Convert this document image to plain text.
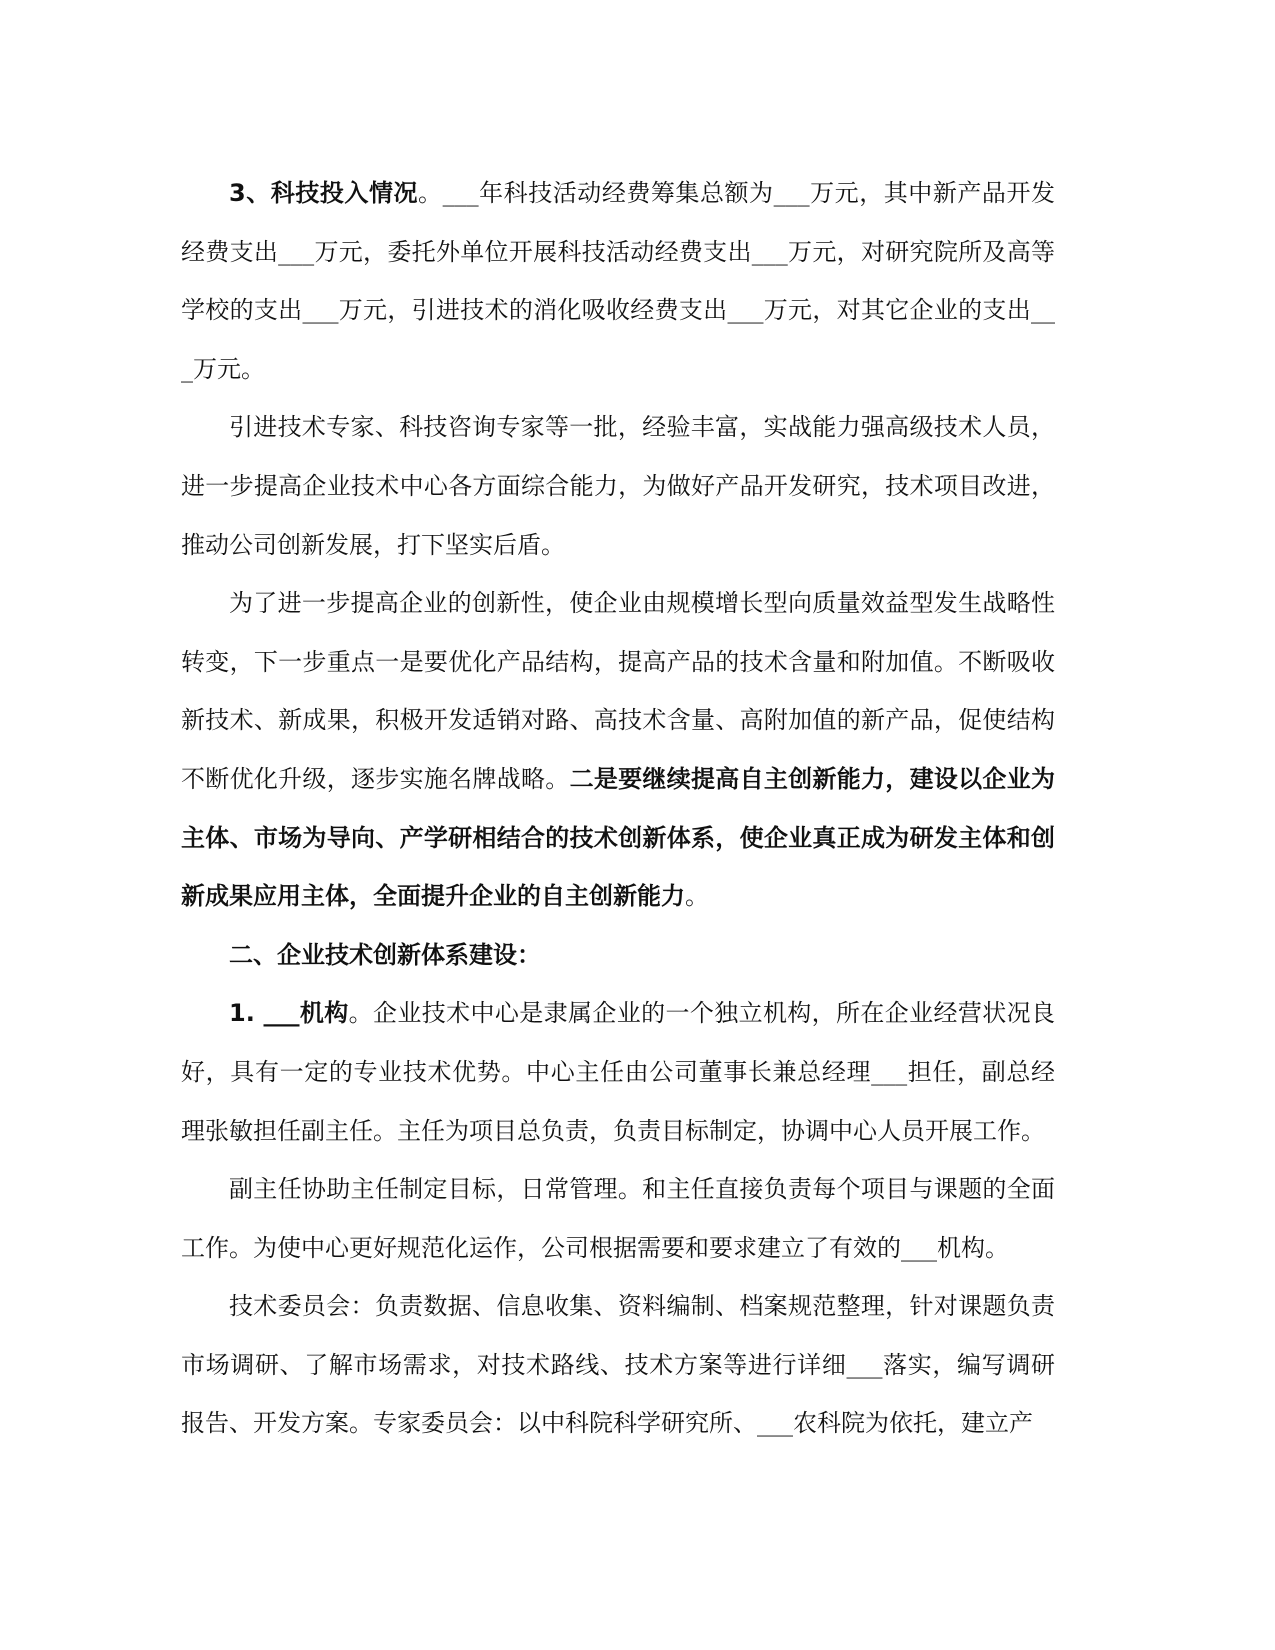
3、科技投入情况。___年科技活动经费筹集总额为___万元，其中新产品开发经费支出___万元，委托外单位开展科技活动经费支出___万元，对研究院所及高等学校的支出___万元，引进技术的消化吸收经费支出___万元，对其它企业的支出___万元。

引进技术专家、科技咨询专家等一批，经验丰富，实战能力强高级技术人员，进一步提高企业技术中心各方面综合能力，为做好产品开发研究，技术项目改进，推动公司创新发展，打下坚实后盾。

为了进一步提高企业的创新性，使企业由规模增长型向质量效益型发生战略性转变，下一步重点一是要优化产品结构，提高产品的技术含量和附加值。不断吸收新技术、新成果，积极开发适销对路、高技术含量、高附加值的新产品，促使结构不断优化升级，逐步实施名牌战略。二是要继续提高自主创新能力，建设以企业为主体、市场为导向、产学研相结合的技术创新体系，使企业真正成为研发主体和创新成果应用主体，全面提升企业的自主创新能力。

二、企业技术创新体系建设：

1. ___机构。企业技术中心是隶属企业的一个独立机构，所在企业经营状况良好，具有一定的专业技术优势。中心主任由公司董事长兼总经理___担任，副总经理张敏担任副主任。主任为项目总负责，负责目标制定，协调中心人员开展工作。

副主任协助主任制定目标，日常管理。和主任直接负责每个项目与课题的全面工作。为使中心更好规范化运作，公司根据需要和要求建立了有效的___机构。

技术委员会：负责数据、信息收集、资料编制、档案规范整理，针对课题负责市场调研、了解市场需求，对技术路线、技术方案等进行详细___落实，编写调研报告、开发方案。专家委员会：以中科院科学研究所、___农科院为依托，建立产
